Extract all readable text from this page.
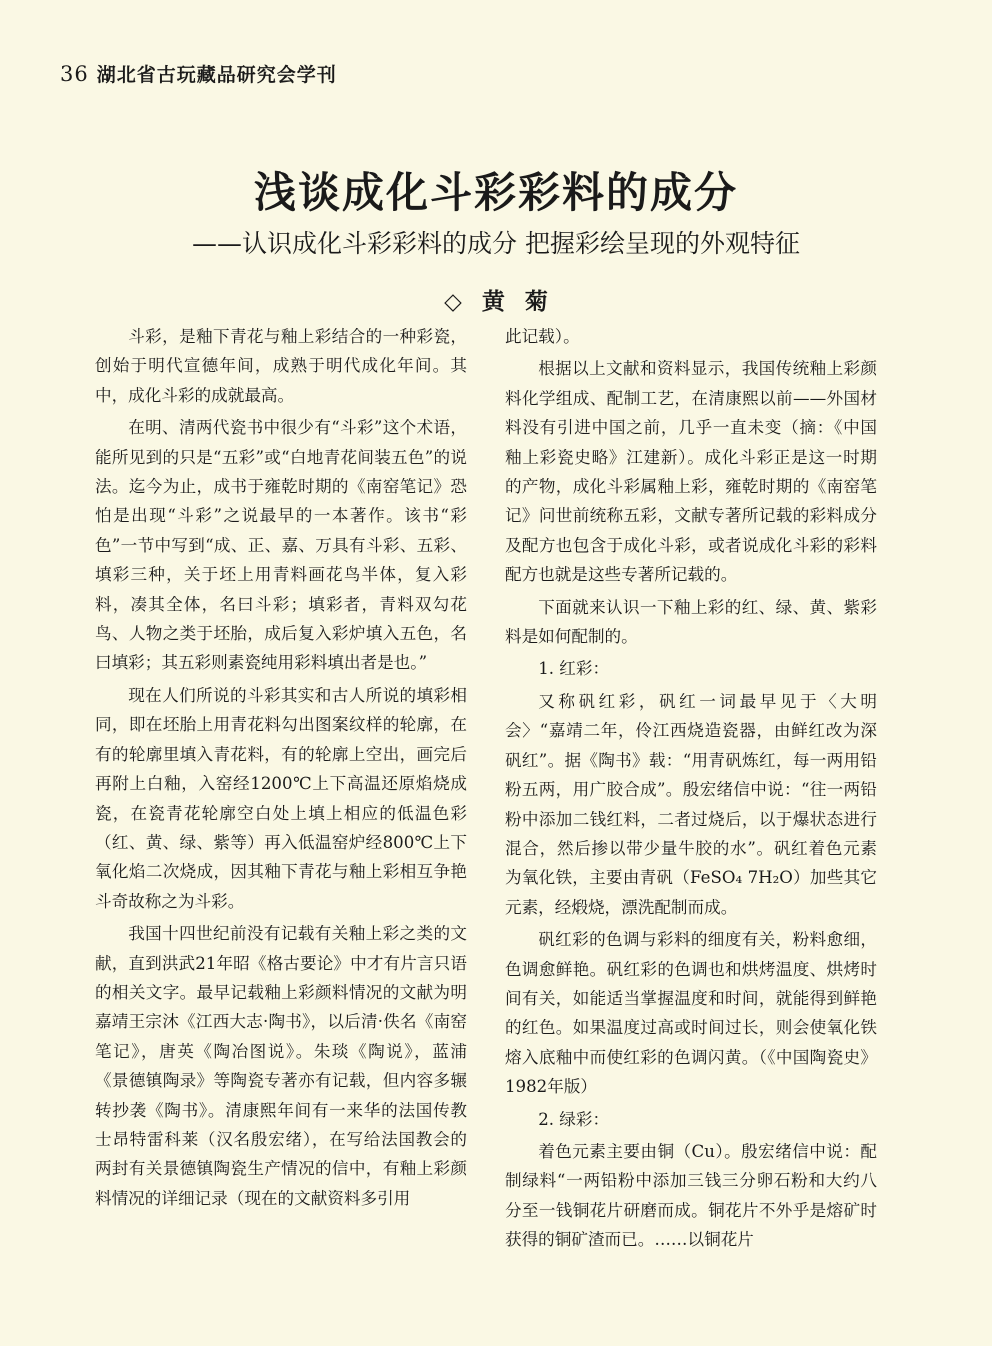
36 湖北省古玩藏品研究会学刊
浅谈成化斗彩彩料的成分
——认识成化斗彩彩料的成分 把握彩绘呈现的外观特征
◇ 黄 菊

斗彩，是釉下青花与釉上彩结合的一种彩瓷，创始于明代宣德年间，成熟于明代成化年间。其中，成化斗彩的成就最高。

在明、清两代瓷书中很少有“斗彩”这个术语，能所见到的只是“五彩”或“白地青花间装五色”的说法。迄今为止，成书于雍乾时期的《南窑笔记》恐怕是出现“斗彩”之说最早的一本著作。该书“彩色”一节中写到“成、正、嘉、万具有斗彩、五彩、填彩三种，关于坯上用青料画花鸟半体，复入彩料，凑其全体，名曰斗彩；填彩者，青料双勾花鸟、人物之类于坯胎，成后复入彩炉填入五色，名曰填彩；其五彩则素瓷纯用彩料填出者是也。”

现在人们所说的斗彩其实和古人所说的填彩相同，即在坯胎上用青花料勾出图案纹样的轮廓，在有的轮廓里填入青花料，有的轮廓上空出，画完后再附上白釉，入窑经1200℃上下高温还原焰烧成瓷，在瓷青花轮廓空白处上填上相应的低温色彩（红、黄、绿、紫等）再入低温窑炉经800℃上下氧化焰二次烧成，因其釉下青花与釉上彩相互争艳斗奇故称之为斗彩。

我国十四世纪前没有记载有关釉上彩之类的文献，直到洪武21年昭《格古要论》中才有片言只语的相关文字。最早记载釉上彩颜料情况的文献为明嘉靖王宗沐《江西大志·陶书》，以后清·佚名《南窑笔记》，唐英《陶冶图说》。朱琰《陶说》，蓝浦《景德镇陶录》等陶瓷专著亦有记载，但内容多辗转抄袭《陶书》。清康熙年间有一来华的法国传教士昂特雷科莱（汉名殷宏绪），在写给法国教会的两封有关景德镇陶瓷生产情况的信中，有釉上彩颜料情况的详细记录（现在的文献资料多引用

此记载）。

根据以上文献和资料显示，我国传统釉上彩颜料化学组成、配制工艺，在清康熙以前——外国材料没有引进中国之前，几乎一直未变（摘：《中国釉上彩瓷史略》江建新）。成化斗彩正是这一时期的产物，成化斗彩属釉上彩，雍乾时期的《南窑笔记》问世前统称五彩，文献专著所记载的彩料成分及配方也包含于成化斗彩，或者说成化斗彩的彩料配方也就是这些专著所记载的。

下面就来认识一下釉上彩的红、绿、黄、紫彩料是如何配制的。

1. 红彩：

又称矾红彩，矾红一词最早见于〈大明会〉“嘉靖二年，伶江西烧造瓷器，由鲜红改为深矾红”。据《陶书》载：“用青矾炼红，每一两用铅粉五两，用广胶合成”。殷宏绪信中说：“往一两铅粉中添加二钱红料，二者过烧后，以于爆状态进行混合，然后掺以带少量牛胶的水”。矾红着色元素为氧化铁，主要由青矾（FeSO₄ 7H₂O）加些其它元素，经煅烧，漂洗配制而成。

矾红彩的色调与彩料的细度有关，粉料愈细，色调愈鲜艳。矾红彩的色调也和烘烤温度、烘烤时间有关，如能适当掌握温度和时间，就能得到鲜艳的红色。如果温度过高或时间过长，则会使氧化铁熔入底釉中而使红彩的色调闪黄。（《中国陶瓷史》1982年版）

2. 绿彩：

着色元素主要由铜（Cu）。殷宏绪信中说：配制绿料“一两铅粉中添加三钱三分卵石粉和大约八分至一钱铜花片研磨而成。铜花片不外乎是熔矿时获得的铜矿渣而已。……以铜花片
